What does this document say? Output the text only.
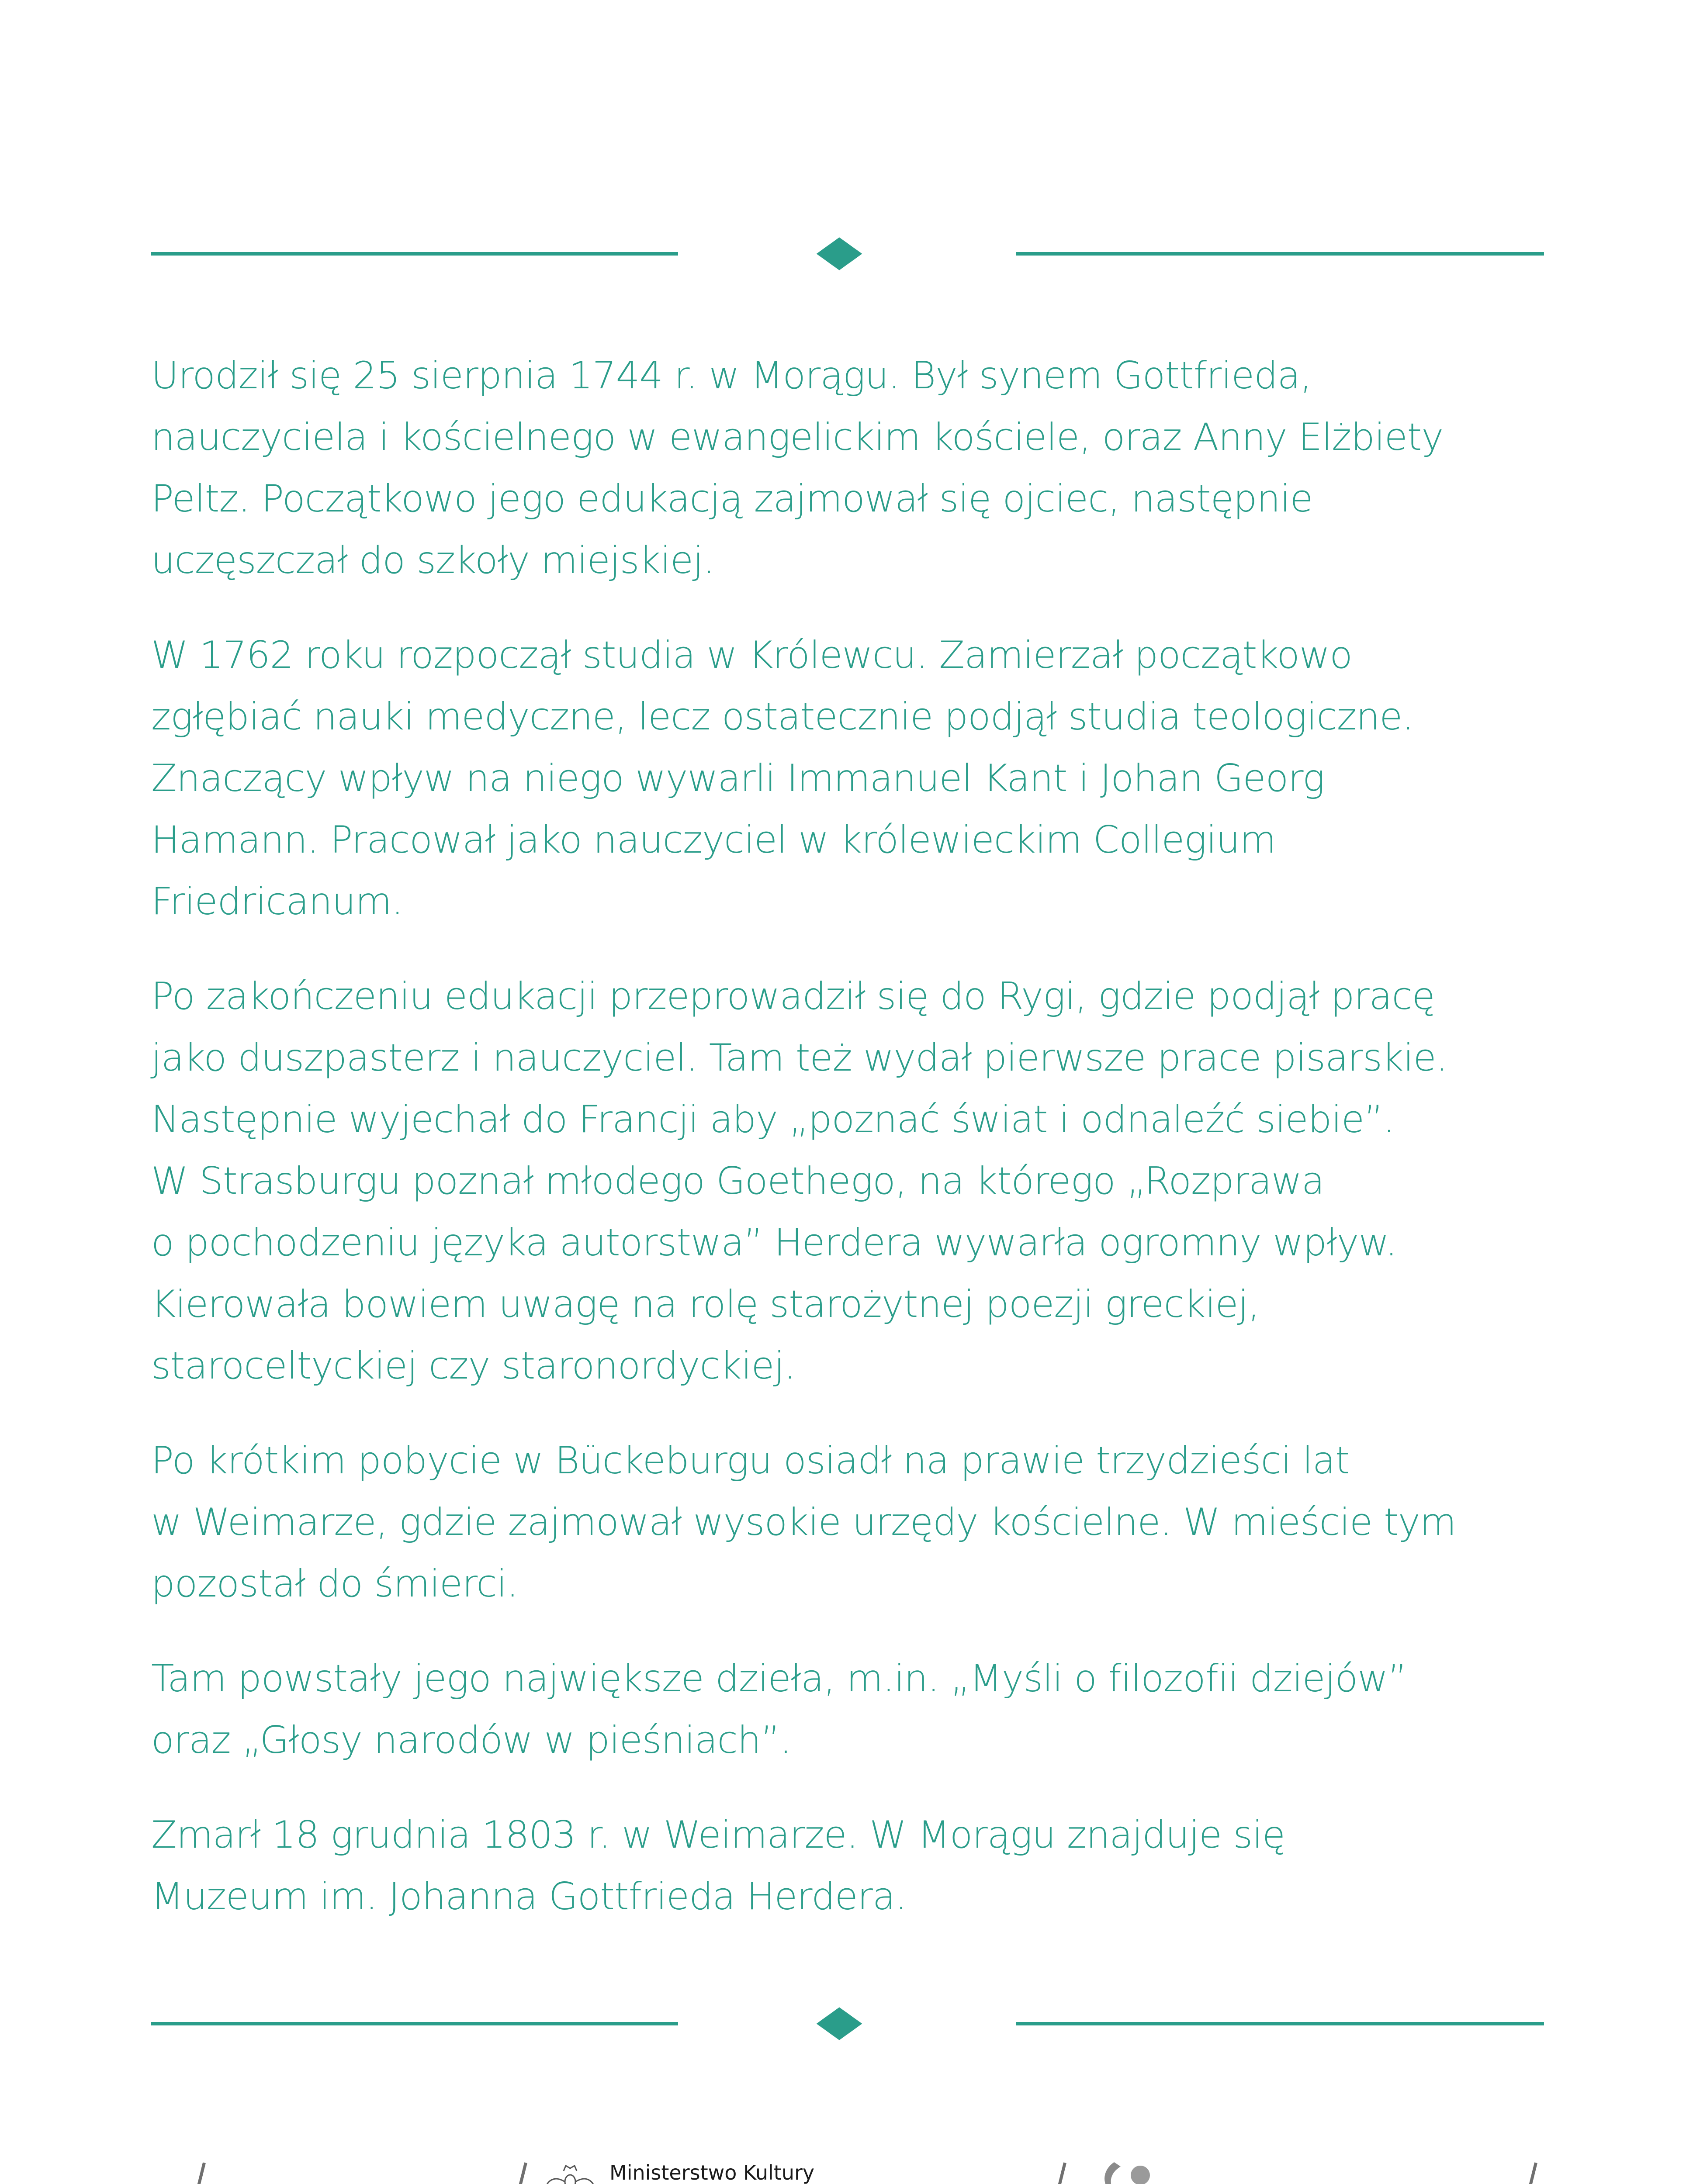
Urodził się 25 sierpnia 1744 r. w Morągu. Był synem Gottfrieda,
nauczyciela i kościelnego w ewangelickim kościele, oraz Anny Elżbiety
Peltz. Początkowo jego edukacją zajmował się ojciec, następnie
uczęszczał do szkoły miejskiej.

W 1762 roku rozpoczął studia w Królewcu. Zamierzał początkowo
zgłębiać nauki medyczne, lecz ostatecznie podjął studia teologiczne.
Znaczący wpływ na niego wywarli Immanuel Kant i Johan Georg
Hamann. Pracował jako nauczyciel w królewieckim Collegium
Friedricanum.

Po zakończeniu edukacji przeprowadził się do Rygi, gdzie podjął pracę
jako duszpasterz i nauczyciel. Tam też wydał pierwsze prace pisarskie.
Następnie wyjechał do Francji aby „poznać świat i odnaleźć siebie”.
W Strasburgu poznał młodego Goethego, na którego „Rozprawa
o pochodzeniu języka autorstwa” Herdera wywarła ogromny wpływ.
Kierowała bowiem uwagę na rolę starożytnej poezji greckiej,
staroceltyckiej czy staronordyckiej.

Po krótkim pobycie w Bückeburgu osiadł na prawie trzydzieści lat
w Weimarze, gdzie zajmował wysokie urzędy kościelne. W mieście tym
pozostał do śmierci.

Tam powstały jego największe dzieła, m.in. „Myśli o filozofii dziejów”
oraz „Głosy narodów w pieśniach”.

Zmarł 18 grudnia 1803 r. w Weimarze. W Morągu znajduje się
Muzeum im. Johanna Gottfrieda Herdera.

Ministerstwo Kultury
